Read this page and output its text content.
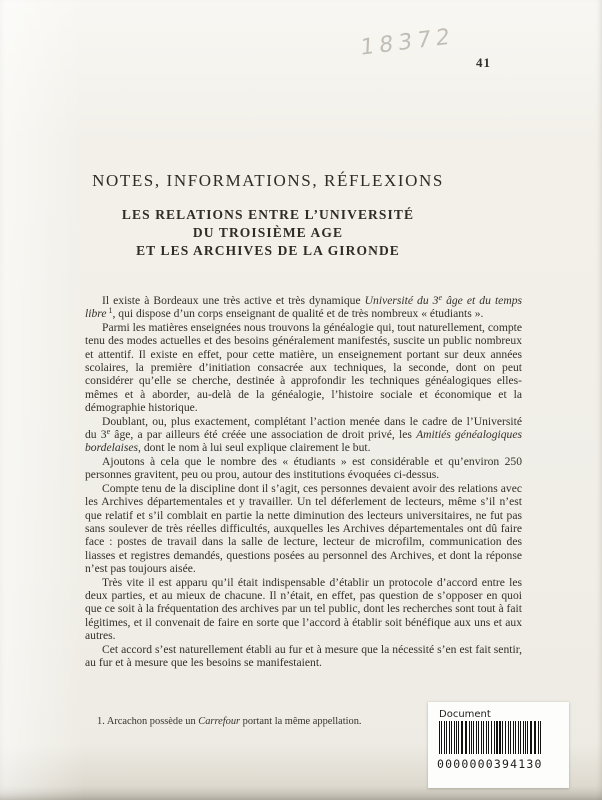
18372
41
NOTES, INFORMATIONS, RÉFLEXIONS
LES RELATIONS ENTRE L’UNIVERSITÉ
DU TROISIÈME AGE
ET LES ARCHIVES DE LA GIRONDE

Il existe à Bordeaux une très active et très dynamique Université du 3e âge et du temps libre $^1$, qui dispose d’un corps enseignant de qualité et de très nombreux « étudiants ».

Parmi les matières enseignées nous trouvons la généalogie qui, tout naturellement, compte tenu des modes actuelles et des besoins généralement manifestés, suscite un public nombreux et attentif. Il existe en effet, pour cette matière, un enseignement portant sur deux années scolaires, la première d’initiation consacrée aux techniques, la seconde, dont on peut considérer qu’elle se cherche, destinée à approfondir les techniques généalogiques elles-mêmes et à aborder, au-delà de la généalogie, l’histoire sociale et économique et la démographie historique.

Doublant, ou, plus exactement, complétant l’action menée dans le cadre de l’Université du 3e âge, a par ailleurs été créée une association de droit privé, les Amitiés généalogiques bordelaises, dont le nom à lui seul explique clairement le but.

Ajoutons à cela que le nombre des « étudiants » est considérable et qu’environ 250 personnes gravitent, peu ou prou, autour des institutions évoquées ci-dessus.

Compte tenu de la discipline dont il s’agit, ces personnes devaient avoir des relations avec les Archives départementales et y travailler. Un tel déferlement de lecteurs, même s’il n’est que relatif et s’il comblait en partie la nette diminution des lecteurs universitaires, ne fut pas sans soulever de très réelles difficultés, auxquelles les Archives départementales ont dû faire face : postes de travail dans la salle de lecture, lecteur de microfilm, communication des liasses et registres demandés, questions posées au personnel des Archives, et dont la réponse n’est pas toujours aisée.

Très vite il est apparu qu’il était indispensable d’établir un protocole d’accord entre les deux parties, et au mieux de chacune. Il n’était, en effet, pas question de s’opposer en quoi que ce soit à la fréquentation des archives par un tel public, dont les recherches sont tout à fait légitimes, et il convenait de faire en sorte que l’accord à établir soit bénéfique aux uns et aux autres.

Cet accord s’est naturellement établi au fur et à mesure que la nécessité s’en est fait sentir, au fur et à mesure que les besoins se manifestaient.

1. Arcachon possède un Carrefour portant la même appellation.
Document
0000000394130
